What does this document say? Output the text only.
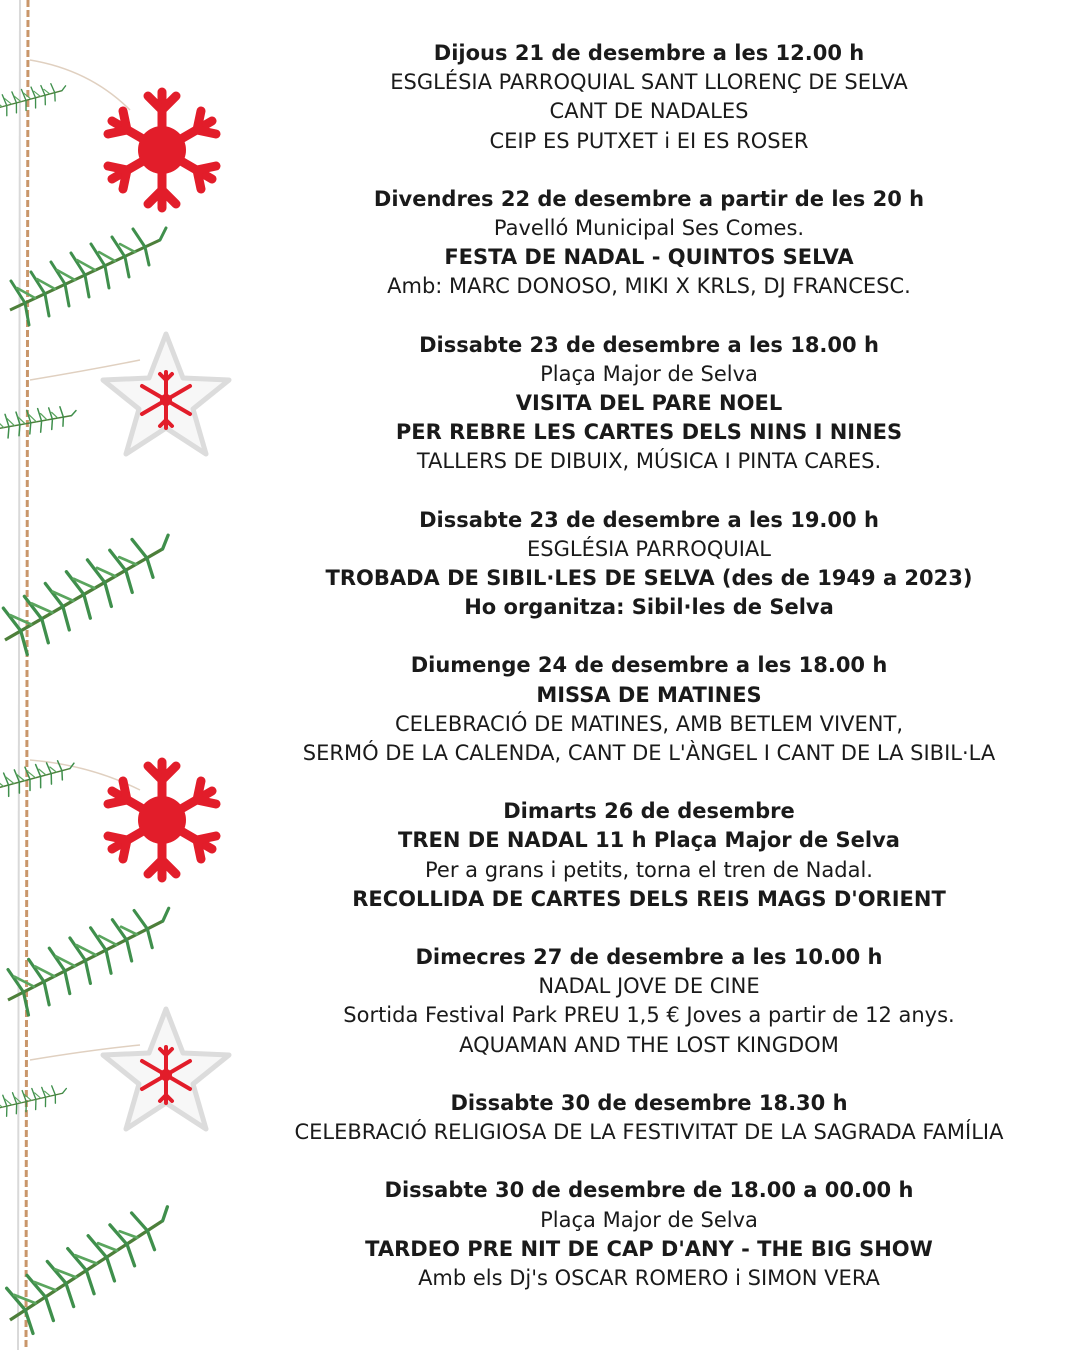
Dijous 21 de desembre a les 12.00 h
ESGLÉSIA PARROQUIAL SANT LLORENÇ DE SELVA
CANT DE NADALES
CEIP ES PUTXET i EI ES ROSER
Divendres 22 de desembre a partir de les 20 h
Pavelló Municipal Ses Comes.
FESTA DE NADAL - QUINTOS SELVA
Amb: MARC DONOSO, MIKI X KRLS, DJ FRANCESC.
Dissabte 23 de desembre a les 18.00 h
Plaça Major de Selva
VISITA DEL PARE NOEL
PER REBRE LES CARTES DELS NINS I NINES
TALLERS DE DIBUIX, MÚSICA I PINTA CARES.
Dissabte 23 de desembre a les 19.00 h
ESGLÉSIA PARROQUIAL
TROBADA DE SIBIL·LES DE SELVA (des de 1949 a 2023)
Ho organitza: Sibil·les de Selva
Diumenge 24 de desembre a les 18.00 h
MISSA DE MATINES
CELEBRACIÓ DE MATINES, AMB BETLEM VIVENT,
SERMÓ DE LA CALENDA, CANT DE L'ÀNGEL I CANT DE LA SIBIL·LA
Dimarts 26 de desembre
TREN DE NADAL 11 h Plaça Major de Selva
Per a grans i petits, torna el tren de Nadal.
RECOLLIDA DE CARTES DELS REIS MAGS D'ORIENT
Dimecres 27 de desembre a les 10.00 h
NADAL JOVE DE CINE
Sortida Festival Park PREU 1,5 € Joves a partir de 12 anys.
AQUAMAN AND THE LOST KINGDOM
Dissabte 30 de desembre 18.30 h
CELEBRACIÓ RELIGIOSA DE LA FESTIVITAT DE LA SAGRADA FAMÍLIA
Dissabte 30 de desembre de 18.00 a 00.00 h
Plaça Major de Selva
TARDEO PRE NIT DE CAP D'ANY - THE BIG SHOW
Amb els Dj's OSCAR ROMERO i SIMON VERA
